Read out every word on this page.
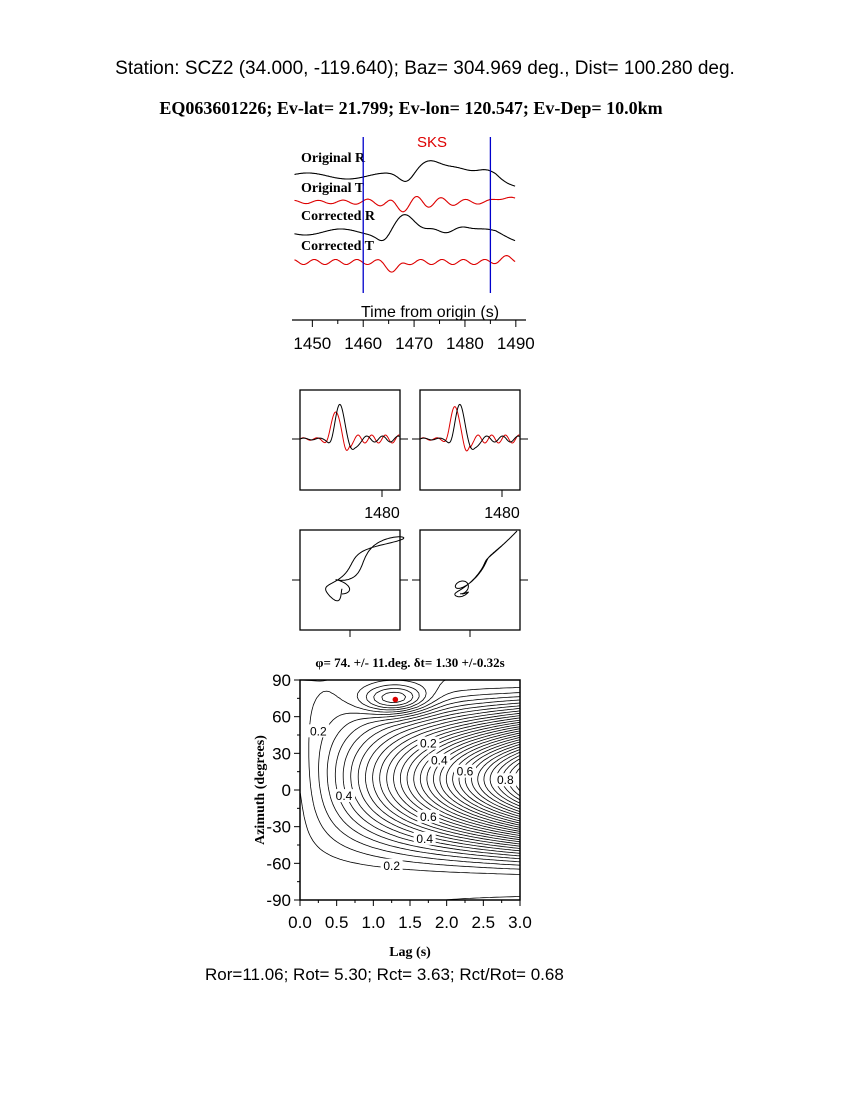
Station: SCZ2 (34.000, -119.640); Baz= 304.969 deg., Dist= 100.280 deg.
EQ063601226; Ev-lat= 21.799; Ev-lon= 120.547; Ev-Dep= 10.0km
SKS
Original R
Original T
Corrected R
Corrected T
Time from origin (s)
1450 1460 1470 1480 1490
1480	1480
φ= 74. +/- 11.deg. δt= 1.30 +/-0.32s
0.2
0.2
0.4
0.6
0.8
0.4
0.6
0.4
0.2
0.0 0.5 1.0 1.5 2.0 2.5 3.0
90
60
30
0
-30
-60
-90
Lag (s)
Azimuth (degrees)
Ror=11.06; Rot= 5.30; Rct= 3.63; Rct/Rot= 0.68
